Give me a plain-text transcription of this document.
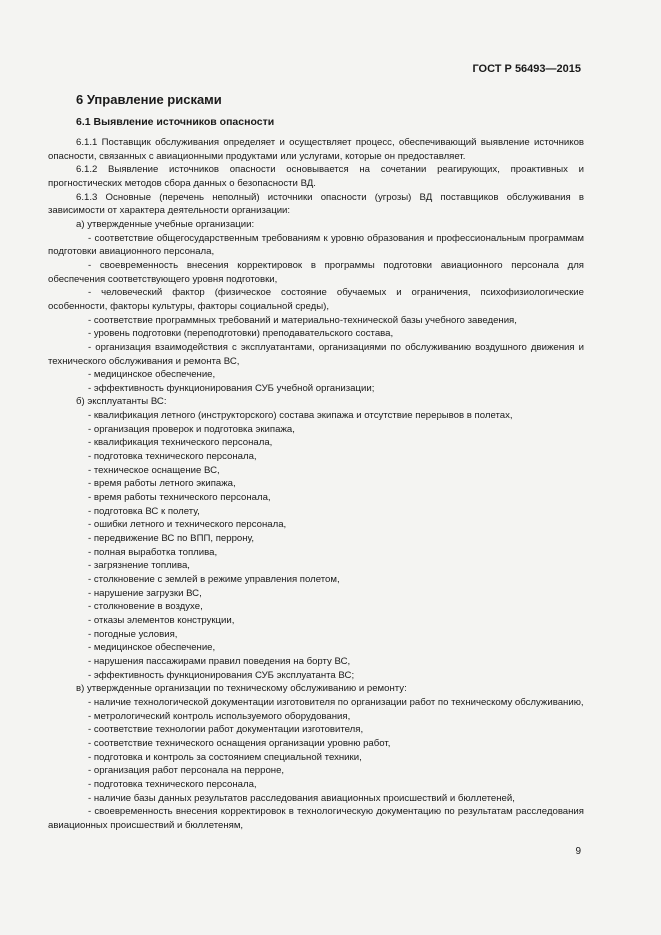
ГОСТ Р 56493—2015
6 Управление рисками
6.1 Выявление источников опасности

6.1.1 Поставщик обслуживания определяет и осуществляет процесс, обеспечивающий выявление источников опасности, связанных с авиационными продуктами или услугами, которые он предоставляет.

6.1.2 Выявление источников опасности основывается на сочетании реагирующих, проактивных и прогностических методов сбора данных о безопасности ВД.

6.1.3 Основные (перечень неполный) источники опасности (угрозы) ВД поставщиков обслуживания в зависимости от характера деятельности организации:

а) утвержденные учебные организации:

- соответствие общегосударственным требованиям к уровню образования и профессиональным программам подготовки авиационного персонала,

- своевременность внесения корректировок в программы подготовки авиационного персонала для обеспечения соответствующего уровня подготовки,

- человеческий фактор (физическое состояние обучаемых и ограничения, психофизиологические особенности, факторы культуры, факторы социальной среды),

- соответствие программных требований и материально-технической базы учебного заведения,

- уровень подготовки (переподготовки) преподавательского состава,

- организация взаимодействия с эксплуатантами, организациями по обслуживанию воздушного движения и технического обслуживания и ремонта ВС,

- медицинское обеспечение,

- эффективность функционирования СУБ учебной организации;

б) эксплуатанты ВС:

- квалификация летного (инструкторского) состава экипажа и отсутствие перерывов в полетах,

- организация проверок и подготовка экипажа,

- квалификация технического персонала,

- подготовка технического персонала,

- техническое оснащение ВС,

- время работы летного экипажа,

- время работы технического персонала,

- подготовка ВС к полету,

- ошибки летного и технического персонала,

- передвижение ВС по ВПП, перрону,

- полная выработка топлива,

- загрязнение топлива,

- столкновение с землей в режиме управления полетом,

- нарушение загрузки ВС,

- столкновение в воздухе,

- отказы элементов конструкции,

- погодные условия,

- медицинское обеспечение,

- нарушения пассажирами правил поведения на борту ВС,

- эффективность функционирования СУБ эксплуатанта ВС;

в) утвержденные организации по техническому обслуживанию и ремонту:

- наличие технологической документации изготовителя по организации работ по техническому обслуживанию,

- метрологический контроль используемого оборудования,

- соответствие технологии работ документации изготовителя,

- соответствие технического оснащения организации уровню работ,

- подготовка и контроль за состоянием специальной техники,

- организация работ персонала на перроне,

- подготовка технического персонала,

- наличие базы данных результатов расследования авиационных происшествий и бюллетеней,

- своевременность внесения корректировок в технологическую документацию по результатам расследования авиационных происшествий и бюллетеням,

9
